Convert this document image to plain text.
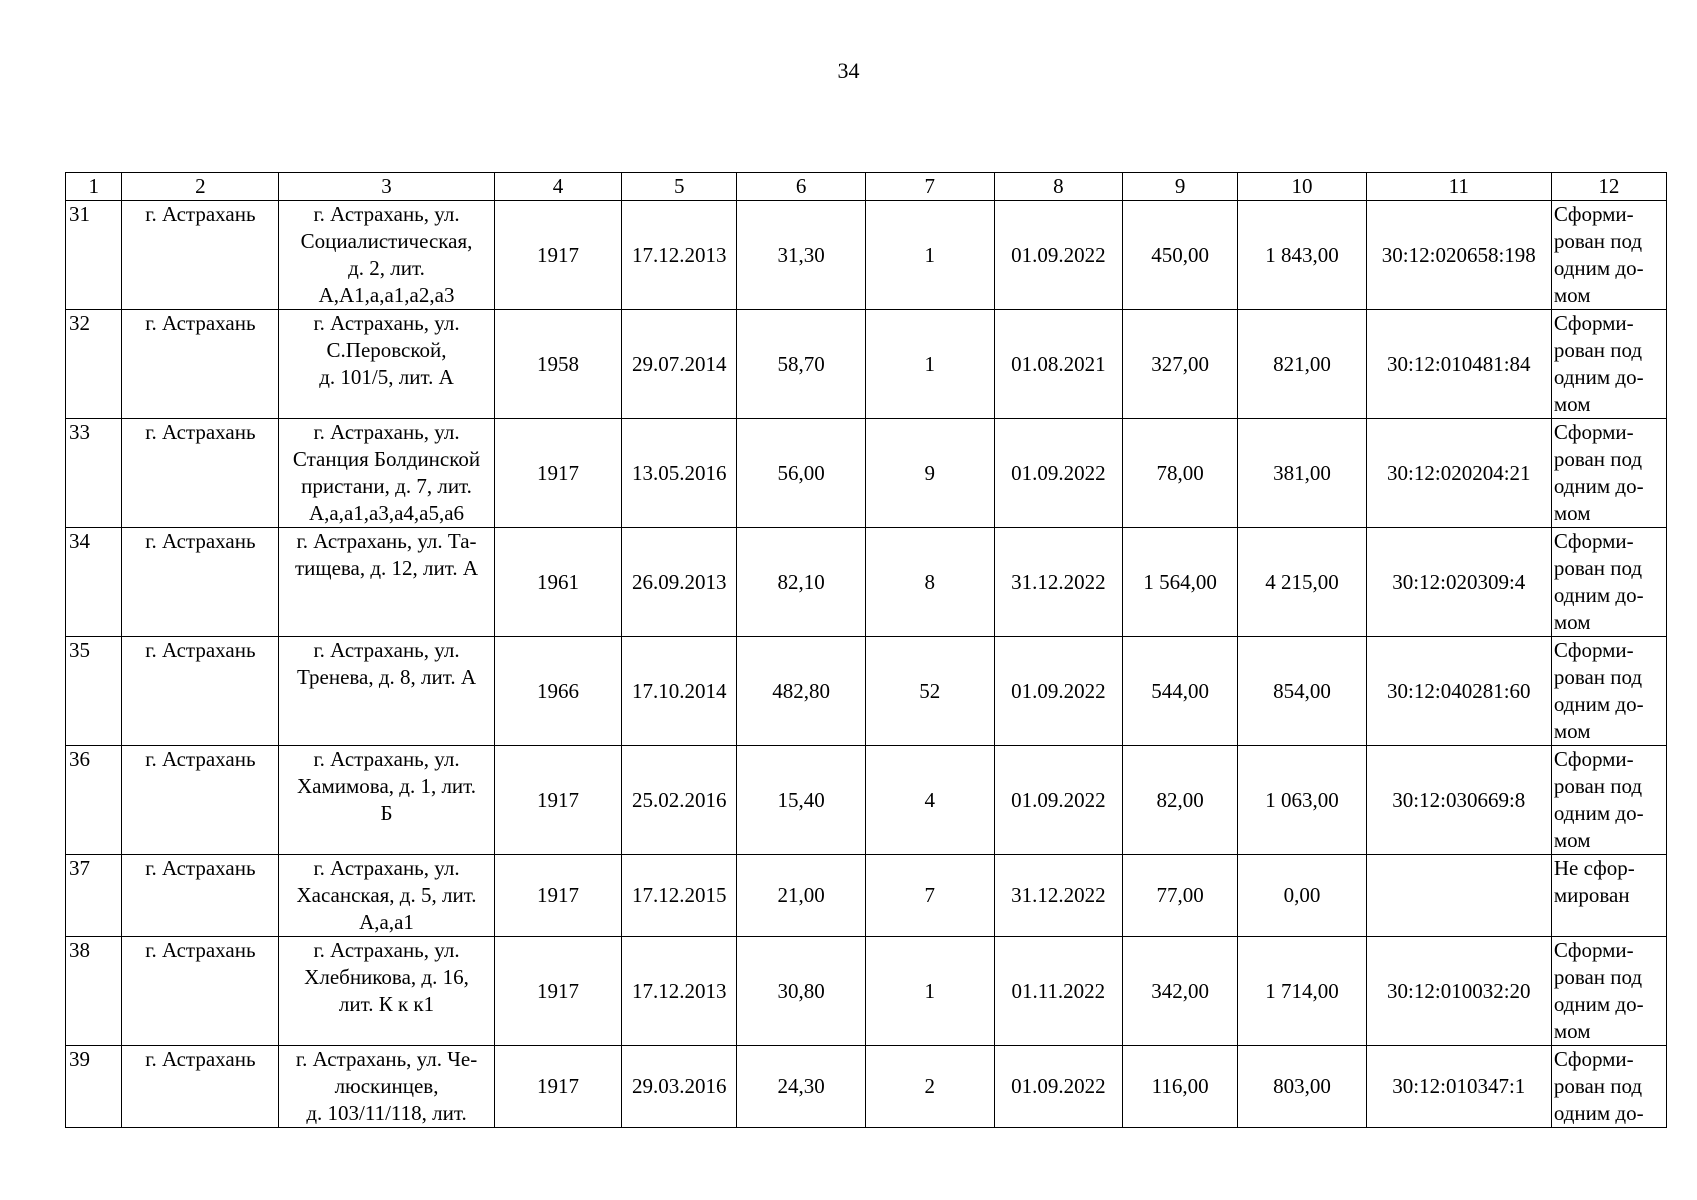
34
1	2	3	4	5	6	7	8	9	10	11	12
31	г. Астрахань	г. Астрахань, ул.
Социалистическая,
д. 2, лит.
А,А1,а,а1,а2,а3	1917	17.12.2013	31,30	1	01.09.2022	450,00	1 843,00	30:12:020658:198	Сформи-
рован под
одним до-
мом

32	г. Астрахань	г. Астрахань, ул.
С.Перовской,
д. 101/5, лит. А	1958	29.07.2014	58,70	1	01.08.2021	327,00	821,00	30:12:010481:84	Сформи-
рован под
одним до-
мом

33	г. Астрахань	г. Астрахань, ул.
Станция Болдинской
пристани, д. 7, лит.
А,а,а1,а3,а4,а5,а6	1917	13.05.2016	56,00	9	01.09.2022	78,00	381,00	30:12:020204:21	Сформи-
рован под
одним до-
мом

34	г. Астрахань	г. Астрахань, ул. Та-
тищева, д. 12, лит. А	1961	26.09.2013	82,10	8	31.12.2022	1 564,00	4 215,00	30:12:020309:4	Сформи-
рован под
одним до-
мом

35	г. Астрахань	г. Астрахань, ул.
Тренева, д. 8, лит. А	1966	17.10.2014	482,80	52	01.09.2022	544,00	854,00	30:12:040281:60	Сформи-
рован под
одним до-
мом

36	г. Астрахань	г. Астрахань, ул.
Хамимова, д. 1, лит.
Б	1917	25.02.2016	15,40	4	01.09.2022	82,00	1 063,00	30:12:030669:8	Сформи-
рован под
одним до-
мом

37	г. Астрахань	г. Астрахань, ул.
Хасанская, д. 5, лит.
А,а,а1	1917	17.12.2015	21,00	7	31.12.2022	77,00	0,00		Не сфор-
мирован

38	г. Астрахань	г. Астрахань, ул.
Хлебникова, д. 16,
лит. К к к1	1917	17.12.2013	30,80	1	01.11.2022	342,00	1 714,00	30:12:010032:20	Сформи-
рован под
одним до-
мом

39	г. Астрахань	г. Астрахань, ул. Че-
люскинцев,
д. 103/11/118, лит.	1917	29.03.2016	24,30	2	01.09.2022	116,00	803,00	30:12:010347:1	Сформи-
рован под
одним до-
